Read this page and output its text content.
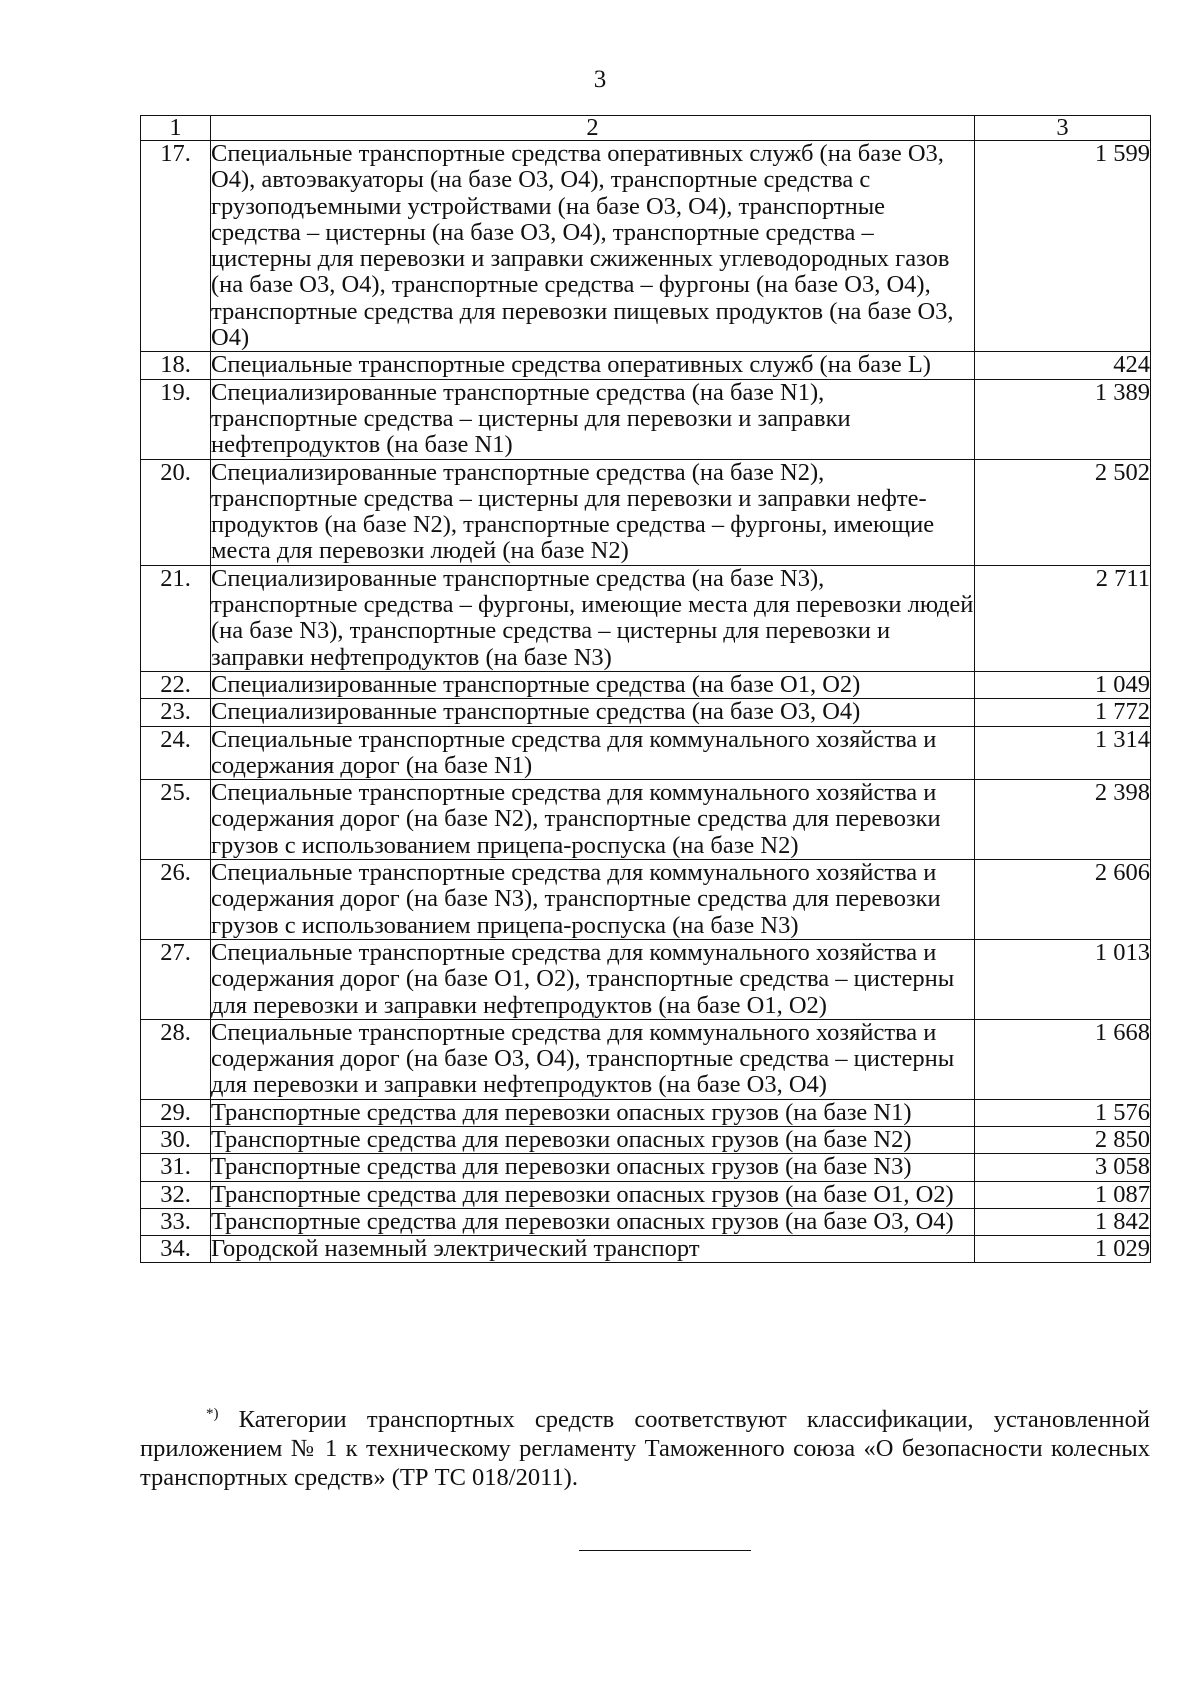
3
1	2	3
17.	Специальные транспортные средства оперативных служб (на базе О3, О4), автоэвакуаторы (на базе О3, О4), транспортные средства с грузоподъемными устройствами (на базе О3, О4), транспортные средства – цистерны (на базе О3, О4), транспортные средства – цистерны для перевозки и заправки сжиженных углеводородных газов (на базе О3, О4), транспортные средства – фургоны (на базе О3, О4), транспортные средства для перевозки пищевых продуктов (на базе О3, О4)	1 599
18.	Специальные транспортные средства оперативных служб (на базе L)	424
19.	Специализированные транспортные средства (на базе N1), транспортные средства – цистерны для перевозки и заправки нефтепродуктов (на базе N1)	1 389
20.	Специализированные транспортные средства (на базе N2), транспортные средства – цистерны для перевозки и заправки нефте-продуктов (на базе N2), транспортные средства – фургоны, имеющие места для перевозки людей (на базе N2)	2 502
21.	Специализированные транспортные средства (на базе N3), транспортные средства – фургоны, имеющие места для перевозки людей (на базе N3), транспортные средства – цистерны для перевозки и заправки нефтепродуктов (на базе N3)	2 711
22.	Специализированные транспортные средства (на базе О1, О2)	1 049
23.	Специализированные транспортные средства (на базе О3, О4)	1 772
24.	Специальные транспортные средства для коммунального хозяйства и содержания дорог (на базе N1)	1 314
25.	Специальные транспортные средства для коммунального хозяйства и содержания дорог (на базе N2), транспортные средства для перевозки грузов с использованием прицепа-роспуска (на базе N2)	2 398
26.	Специальные транспортные средства для коммунального хозяйства и содержания дорог (на базе N3), транспортные средства для перевозки грузов с использованием прицепа-роспуска (на базе N3)	2 606
27.	Специальные транспортные средства для коммунального хозяйства и содержания дорог (на базе О1, О2), транспортные средства – цистерны для перевозки и заправки нефтепродуктов (на базе О1, О2)	1 013
28.	Специальные транспортные средства для коммунального хозяйства и содержания дорог (на базе О3, О4), транспортные средства – цистерны для перевозки и заправки нефтепродуктов (на базе О3, О4)	1 668
29.	Транспортные средства для перевозки опасных грузов (на базе N1)	1 576
30.	Транспортные средства для перевозки опасных грузов (на базе N2)	2 850
31.	Транспортные средства для перевозки опасных грузов (на базе N3)	3 058
32.	Транспортные средства для перевозки опасных грузов (на базе О1, О2)	1 087
33.	Транспортные средства для перевозки опасных грузов (на базе О3, О4)	1 842
34.	Городской наземный электрический транспорт	1 029
*) Категории транспортных средств соответствуют классификации, установленной приложением № 1 к техническому регламенту Таможенного союза «О безопасности колесных транспортных средств» (ТР ТС 018/2011).
